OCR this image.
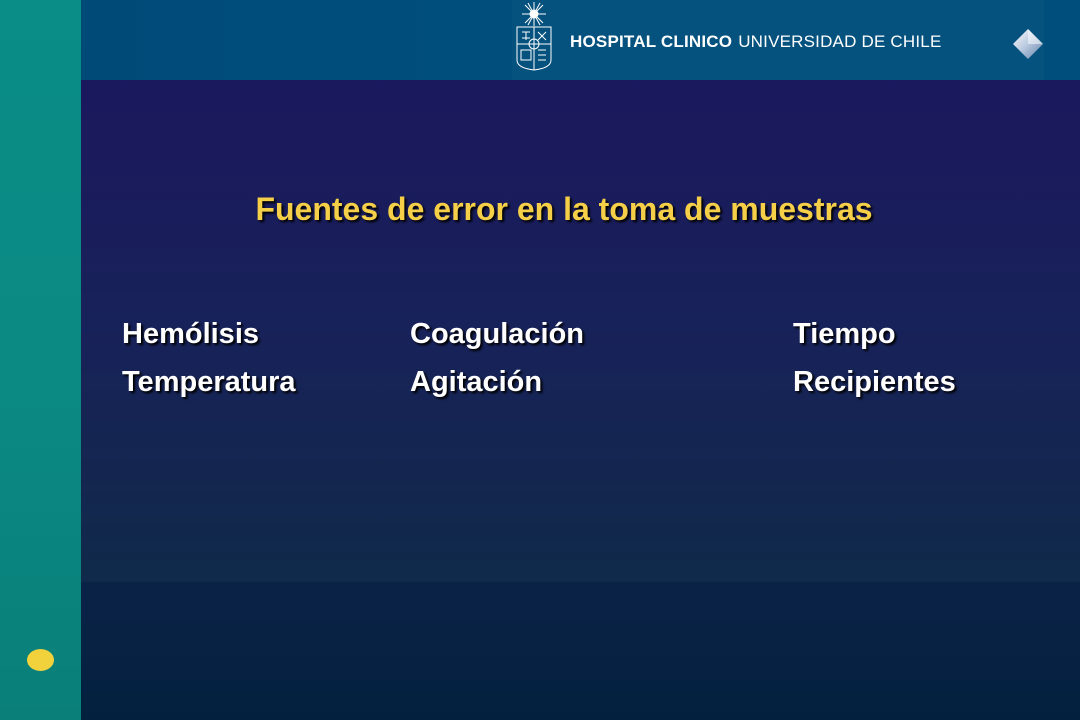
HOSPITAL CLINICO UNIVERSIDAD DE CHILE
Fuentes de error en la toma de muestras
Hemólisis	Coagulación	Tiempo
Temperatura	Agitación	Recipientes
